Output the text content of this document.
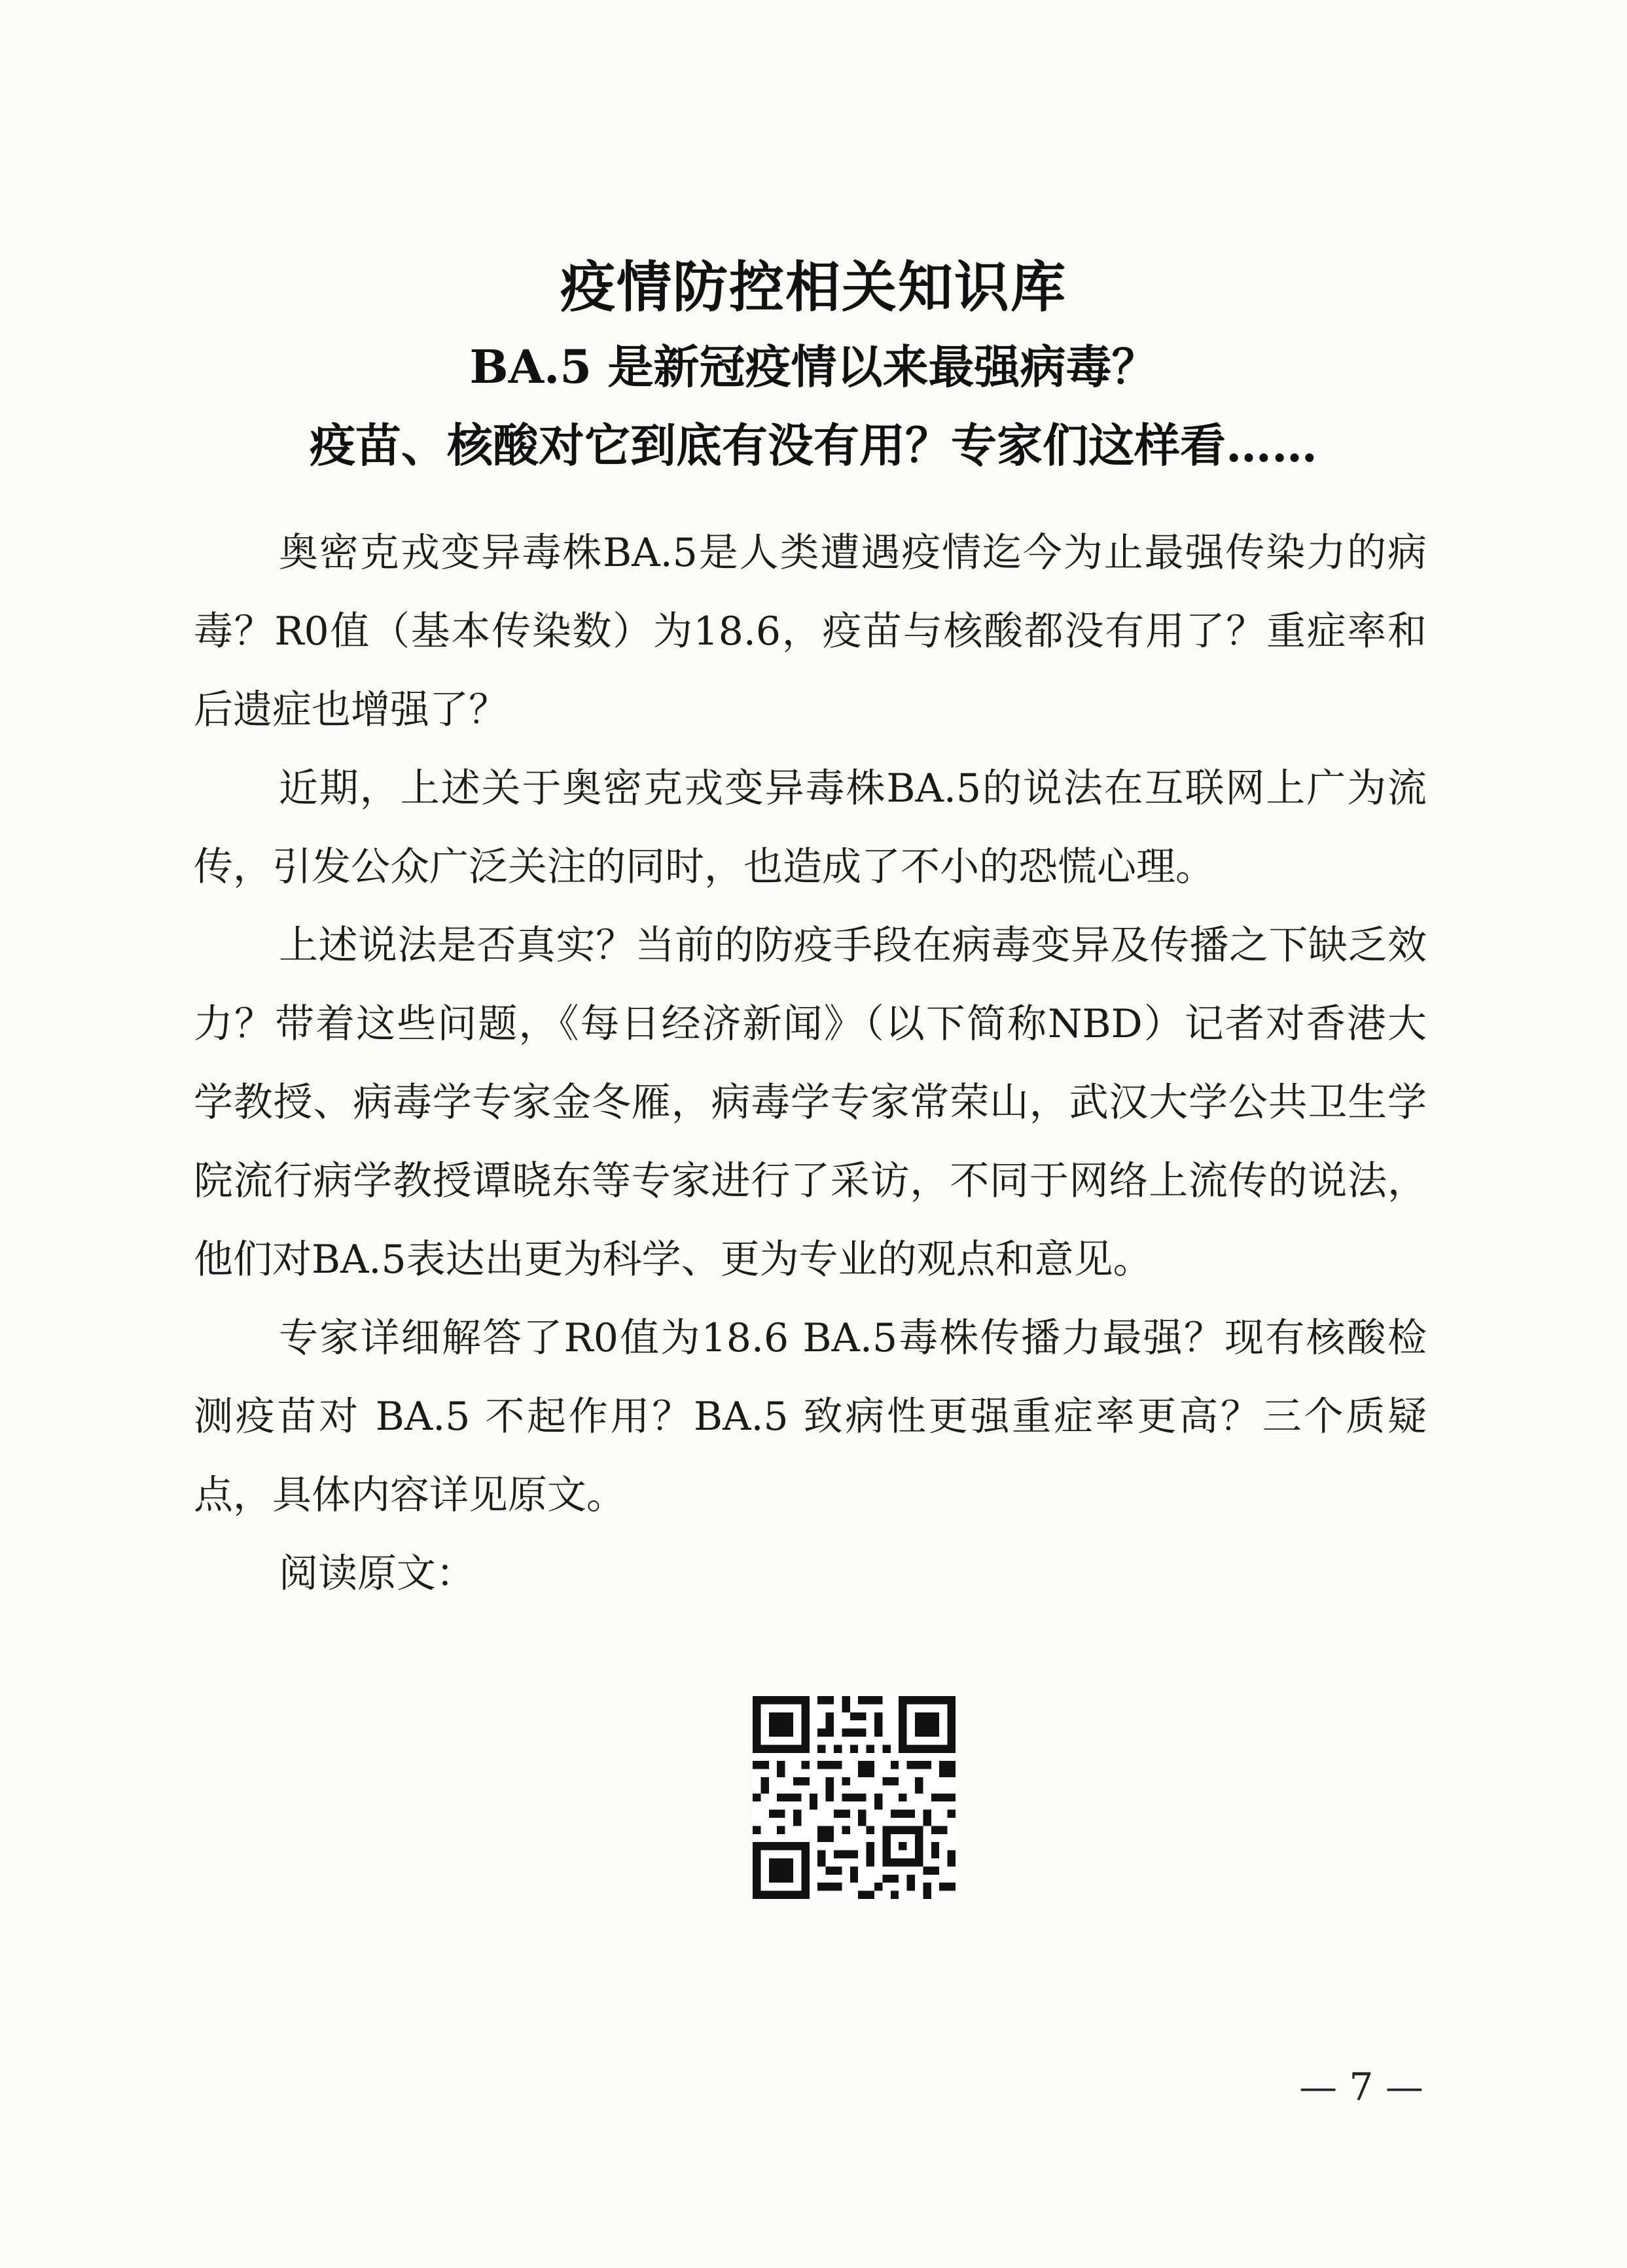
疫情防控相关知识库
BA.5 是新冠疫情以来最强病毒？
疫苗、核酸对它到底有没有用？专家们这样看……

奥密克戎变异毒株BA.5是人类遭遇疫情迄今为止最强传染力的病毒？R0值（基本传染数）为18.6，疫苗与核酸都没有用了？重症率和后遗症也增强了？

近期，上述关于奥密克戎变异毒株BA.5的说法在互联网上广为流传，引发公众广泛关注的同时，也造成了不小的恐慌心理。

上述说法是否真实？当前的防疫手段在病毒变异及传播之下缺乏效力？带着这些问题，《每日经济新闻》（以下简称NBD）记者对香港大学教授、病毒学专家金冬雁，病毒学专家常荣山，武汉大学公共卫生学院流行病学教授谭晓东等专家进行了采访，不同于网络上流传的说法，他们对BA.5表达出更为科学、更为专业的观点和意见。

专家详细解答了R0值为18.6 BA.5毒株传播力最强？现有核酸检测疫苗对 BA.5 不起作用？BA.5 致病性更强重症率更高？三个质疑点，具体内容详见原文。

阅读原文：

— 7 —
